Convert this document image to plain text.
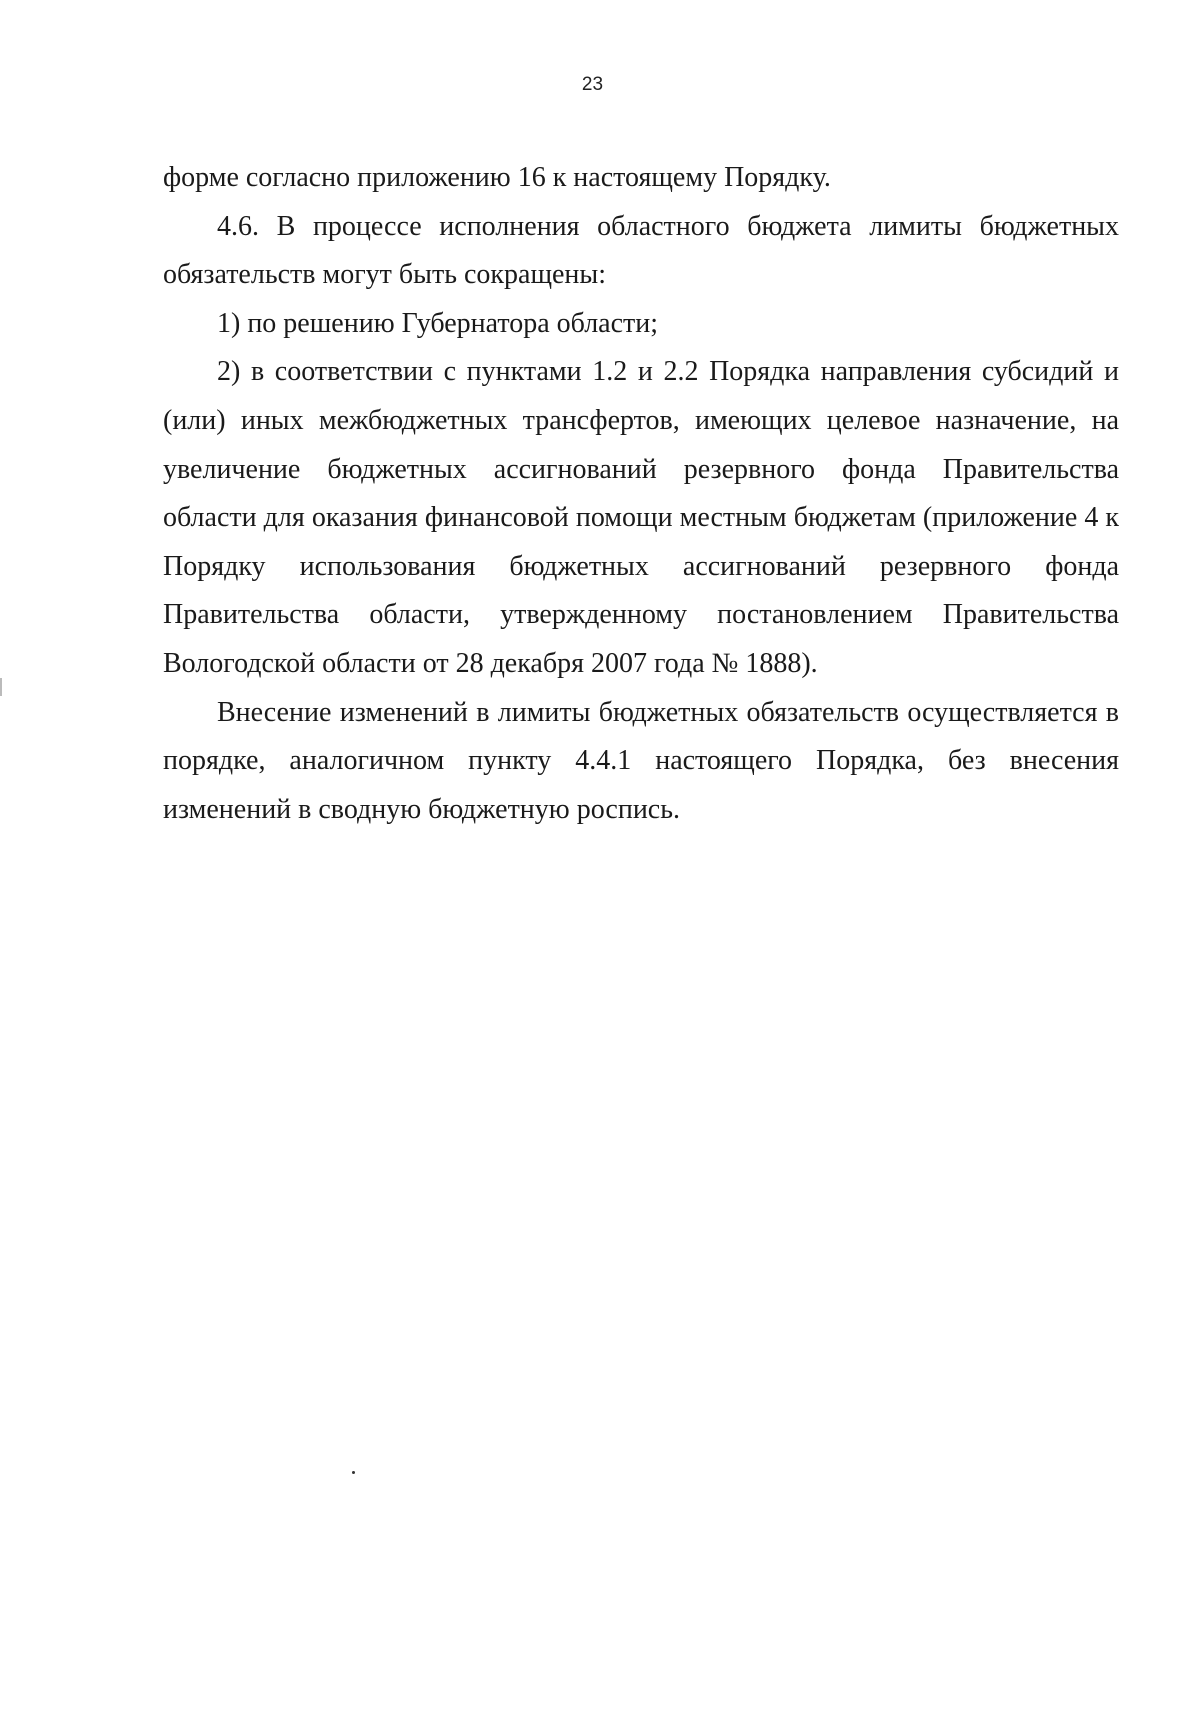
23

форме согласно приложению 16 к настоящему Порядку.

4.6. В процессе исполнения областного бюджета лимиты бюджетных обязательств могут быть сокращены:

1) по решению Губернатора области;

2) в соответствии с пунктами 1.2 и 2.2 Порядка направления субсидий и (или) иных межбюджетных трансфертов, имеющих целевое назначение, на увеличение бюджетных ассигнований резервного фонда Правительства области для оказания финансовой помощи местным бюджетам (приложение 4 к Порядку использования бюджетных ассигнований резервного фонда Правительства области, утвержденному постановлением Правительства Вологодской области от 28 декабря 2007 года № 1888).

Внесение изменений в лимиты бюджетных обязательств осуществляется в порядке, аналогичном пункту 4.4.1 настоящего Порядка, без внесения изменений в сводную бюджетную роспись.
